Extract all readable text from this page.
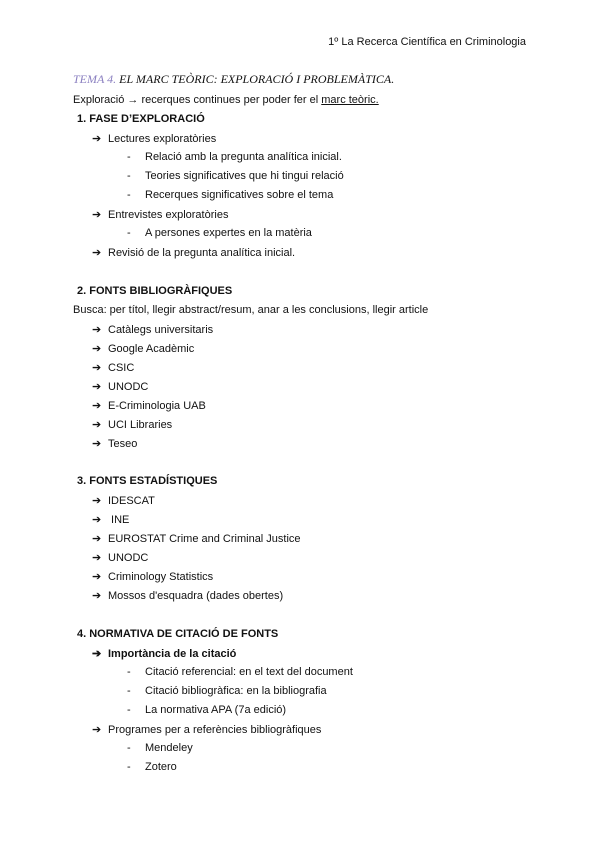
1º La Recerca Científica en Criminologia
TEMA 4. EL MARC TEÒRIC: EXPLORACIÓ I PROBLEMÀTICA.
Exploració → recerques continues per poder fer el marc teòric.
1. FASE D’EXPLORACIÓ
➔ Lectures exploratòries
- Relació amb la pregunta analítica inicial.
- Teories significatives que hi tingui relació
- Recerques significatives sobre el tema
➔ Entrevistes exploratòries
- A persones expertes en la matèria
➔ Revisió de la pregunta analítica inicial.
2. FONTS BIBLIOGRÀFIQUES
Busca: per títol, llegir abstract/resum, anar a les conclusions, llegir article
➔ Catàlegs universitaris
➔ Google Acadèmic
➔ CSIC
➔ UNODC
➔ E-Criminologia UAB
➔ UCI Libraries
➔ Teseo
3. FONTS ESTADÍSTIQUES
➔ IDESCAT
➔ INE
➔ EUROSTAT Crime and Criminal Justice
➔ UNODC
➔ Criminology Statistics
➔ Mossos d'esquadra (dades obertes)
4. NORMATIVA DE CITACIÓ DE FONTS
➔ Importància de la citació
- Citació referencial: en el text del document
- Citació bibliogràfica: en la bibliografia
- La normativa APA (7a edició)
➔ Programes per a referències bibliogràfiques
- Mendeley
- Zotero
